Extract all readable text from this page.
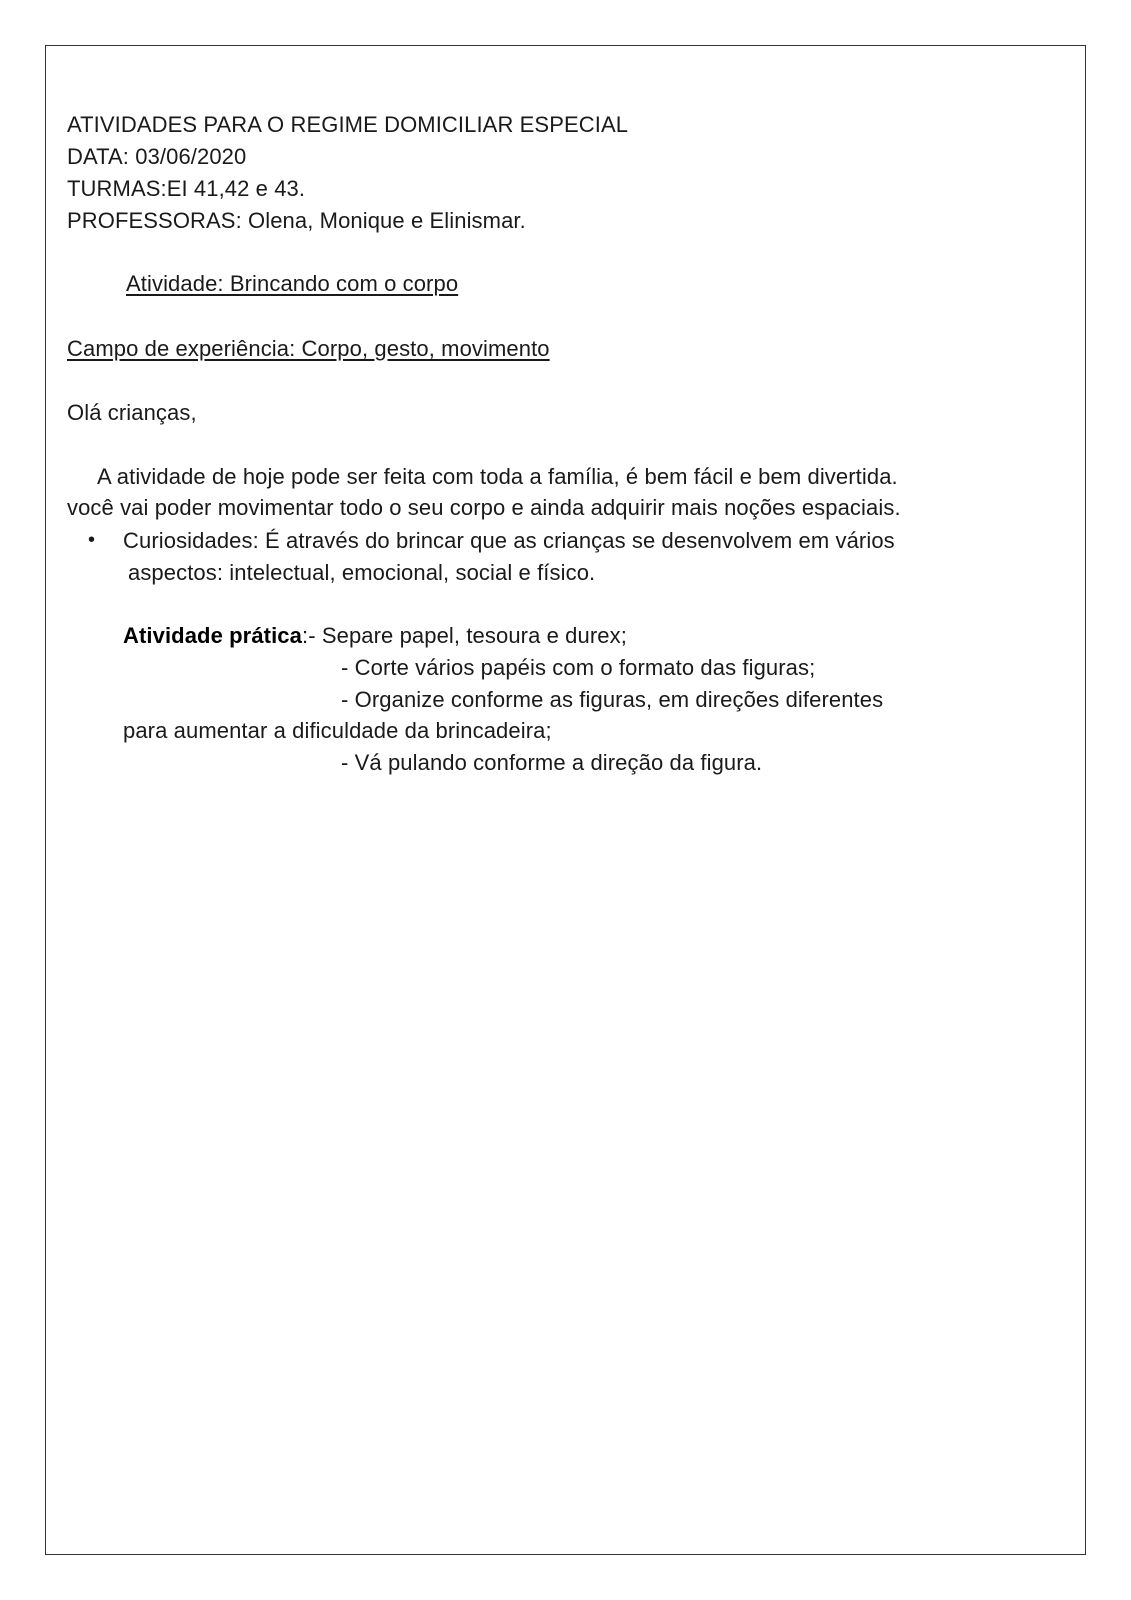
ATIVIDADES PARA O REGIME DOMICILIAR ESPECIAL
DATA: 03/06/2020
TURMAS:EI 41,42 e 43.
PROFESSORAS: Olena, Monique e Elinismar.
Atividade: Brincando com o corpo
Campo de experiência: Corpo, gesto, movimento
Olá crianças,
A atividade de hoje pode ser feita com toda a família, é bem fácil e bem divertida.
você vai poder movimentar todo o seu corpo e ainda adquirir mais noções espaciais.
• Curiosidades: É através do brincar que as crianças se desenvolvem em vários
aspectos: intelectual, emocional, social e físico.
Atividade prática:- Separe papel, tesoura e durex;
- Corte vários papéis com o formato das figuras;
- Organize conforme as figuras, em direções diferentes
para aumentar a dificuldade da brincadeira;
- Vá pulando conforme a direção da figura.
